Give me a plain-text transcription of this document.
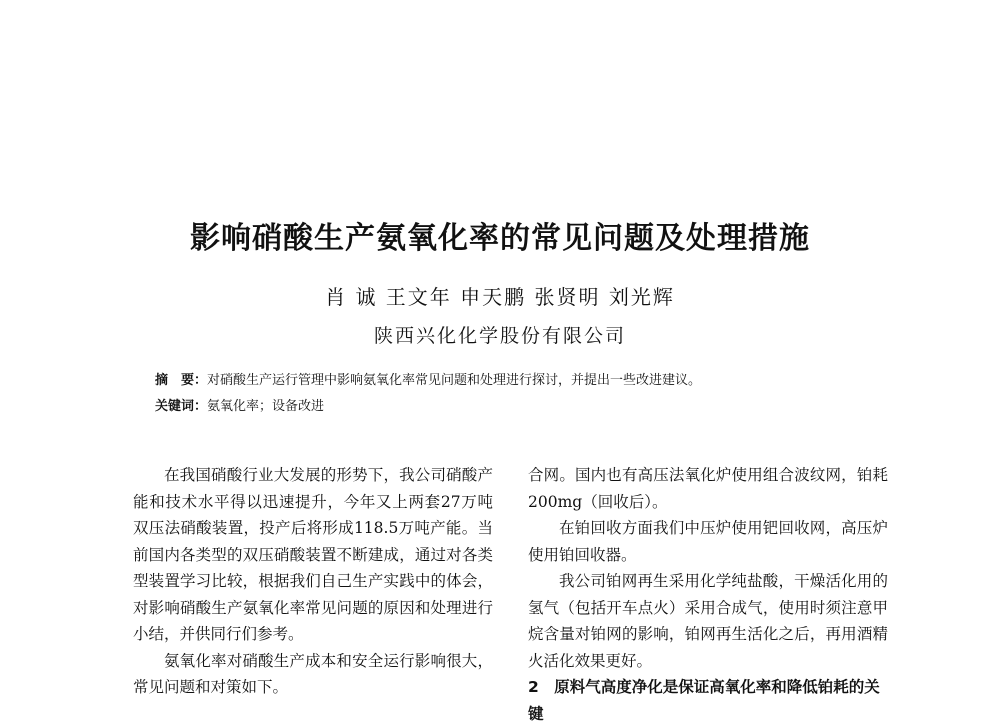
影响硝酸生产氨氧化率的常见问题及处理措施
肖 诚 王文年 申天鹏 张贤明 刘光辉
陕西兴化化学股份有限公司
摘　要：对硝酸生产运行管理中影响氨氧化率常见问题和处理进行探讨，并提出一些改进建议。
关键词：氨氧化率；设备改进

在我国硝酸行业大发展的形势下，我公司硝酸产能和技术水平得以迅速提升，今年又上两套27万吨双压法硝酸装置，投产后将形成118.5万吨产能。当前国内各类型的双压硝酸装置不断建成，通过对各类型装置学习比较，根据我们自己生产实践中的体会，对影响硝酸生产氨氧化率常见问题的原因和处理进行小结，并供同行们参考。

氨氧化率对硝酸生产成本和安全运行影响很大，常见问题和对策如下。

合网。国内也有高压法氧化炉使用组合波纹网，铂耗200mg（回收后）。

在铂回收方面我们中压炉使用钯回收网，高压炉使用铂回收器。

我公司铂网再生采用化学纯盐酸，干燥活化用的氢气（包括开车点火）采用合成气，使用时须注意甲烷含量对铂网的影响，铂网再生活化之后，再用酒精火活化效果更好。

2　原料气高度净化是保证高氧化率和降低铂耗的关键
